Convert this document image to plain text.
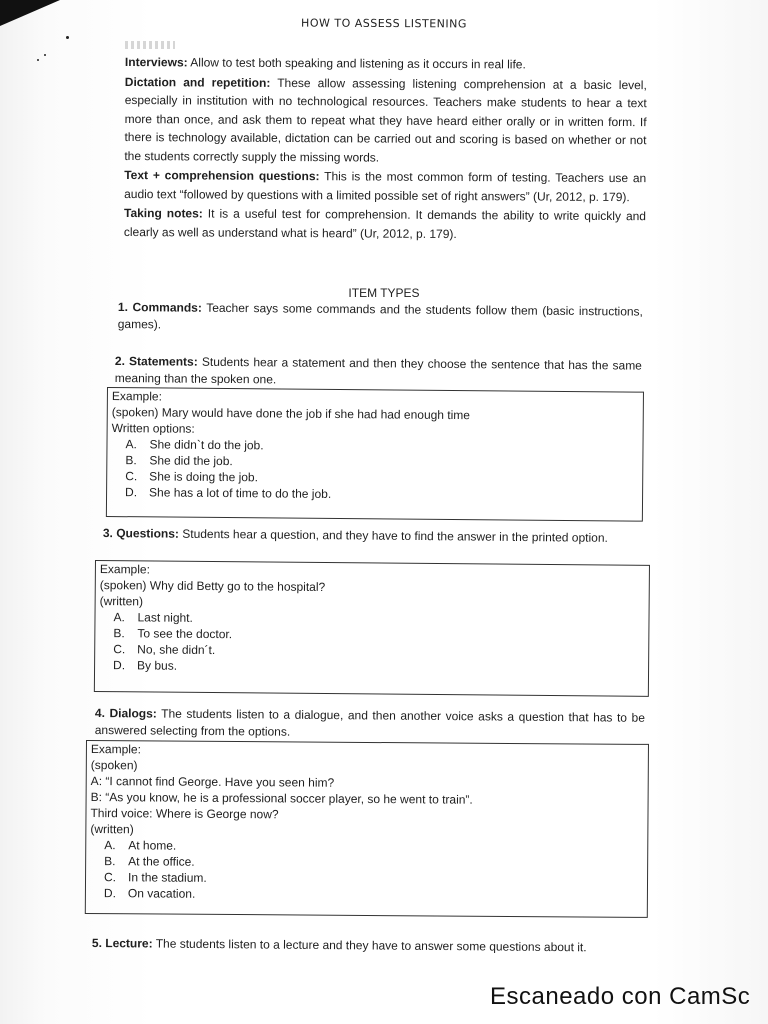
HOW TO ASSESS LISTENING

Interviews: Allow to test both speaking and listening as it occurs in real life.

Dictation and repetition: These allow assessing listening comprehension at a basic level, especially in institution with no technological resources. Teachers make students to hear a text more than once, and ask them to repeat what they have heard either orally or in written form. If there is technology available, dictation can be carried out and scoring is based on whether or not the students correctly supply the missing words.

Text + comprehension questions: This is the most common form of testing. Teachers use an audio text “followed by questions with a limited possible set of right answers” (Ur, 2012, p. 179).

Taking notes: It is a useful test for comprehension. It demands the ability to write quickly and clearly as well as understand what is heard” (Ur, 2012, p. 179).

ITEM TYPES
1. Commands: Teacher says some commands and the students follow them (basic instructions, games).
2. Statements: Students hear a statement and then they choose the sentence that has the same meaning than the spoken one.
Example:
(spoken) Mary would have done the job if she had had enough time
Written options:
A.	She didn`t do the job.
B.	She did the job.
C. She is doing the job.
D. She has a lot of time to do the job.
3. Questions: Students hear a question, and they have to find the answer in the printed option.
Example:
(spoken) Why did Betty go to the hospital?
(written)
A.	Last night.
B.	To see the doctor.
C. No, she didn´t.
D. By bus.
4. Dialogs: The students listen to a dialogue, and then another voice asks a question that has to be answered selecting from the options.
Example:
(spoken)
A: “I cannot find George. Have you seen him?
B: “As you know, he is a professional soccer player, so he went to train”.
Third voice: Where is George now?
(written)
A.	At home.
B.	At the office.
C. In the stadium.
D. On vacation.
5. Lecture: The students listen to a lecture and they have to answer some questions about it.
Escaneado con CamSc
